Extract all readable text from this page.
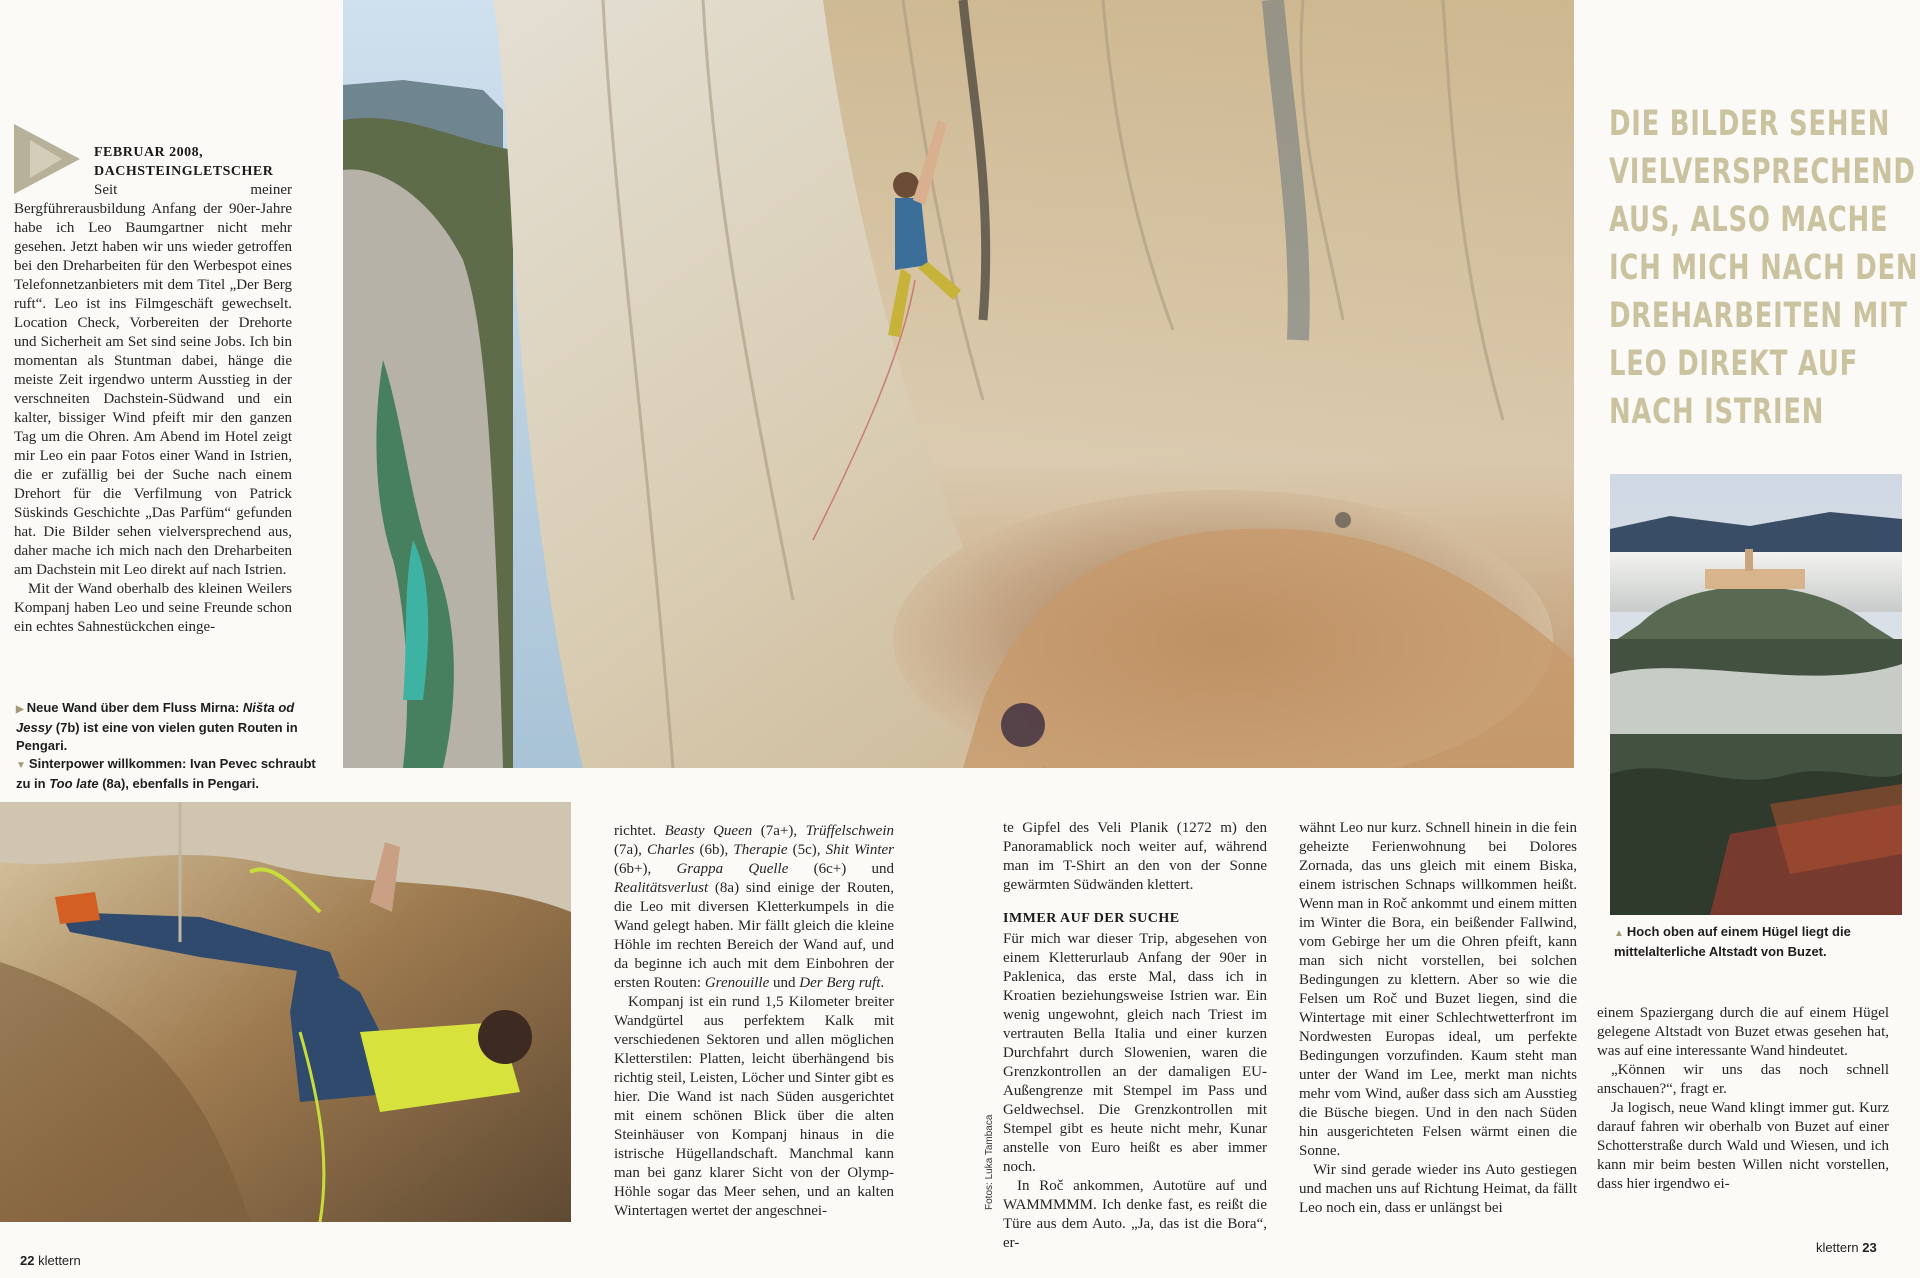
FEBRUAR 2008,
DACHSTEINGLETSCHER

Seit meiner Bergführerausbildung Anfang der 90er-Jahre habe ich Leo Baumgartner nicht mehr gesehen. Jetzt haben wir uns wieder getroffen bei den Dreharbeiten für den Werbespot eines Telefonnetzanbieters mit dem Titel „Der Berg ruft“. Leo ist ins Filmgeschäft gewechselt. Location Check, Vorbereiten der Drehorte und Sicherheit am Set sind seine Jobs. Ich bin momentan als Stuntman dabei, hänge die meiste Zeit irgendwo unterm Ausstieg in der verschneiten Dachstein-Südwand und ein kalter, bissiger Wind pfeift mir den ganzen Tag um die Ohren. Am Abend im Hotel zeigt mir Leo ein paar Fotos einer Wand in Istrien, die er zufällig bei der Suche nach einem Drehort für die Verfilmung von Patrick Süskinds Geschichte „Das Parfüm“ gefunden hat. Die Bilder sehen vielversprechend aus, daher mache ich mich nach den Dreharbeiten am Dachstein mit Leo direkt auf nach Istrien.

Mit der Wand oberhalb des kleinen Weilers Kompanj haben Leo und seine Freunde schon ein echtes Sahnestückchen einge-

▶ Neue Wand über dem Fluss Mirna: Ništa od Jessy (7b) ist eine von vielen guten Routen in Pengari.
▼ Sinterpower willkommen: Ivan Pevec schraubt zu in Too late (8a), ebenfalls in Pengari.

richtet. Beasty Queen (7a+), Trüffelschwein (7a), Charles (6b), Therapie (5c), Shit Winter (6b+), Grappa Quelle (6c+) und Realitätsverlust (8a) sind einige der Routen, die Leo mit diversen Kletterkumpels in die Wand gelegt haben. Mir fällt gleich die kleine Höhle im rechten Bereich der Wand auf, und da beginne ich auch mit dem Einbohren der ersten Routen: Grenouille und Der Berg ruft.

Kompanj ist ein rund 1,5 Kilometer breiter Wandgürtel aus perfektem Kalk mit verschiedenen Sektoren und allen möglichen Kletterstilen: Platten, leicht überhängend bis richtig steil, Leisten, Löcher und Sinter gibt es hier. Die Wand ist nach Süden ausgerichtet mit einem schönen Blick über die alten Steinhäuser von Kompanj hinaus in die istrische Hügellandschaft. Manchmal kann man bei ganz klarer Sicht von der Olymp-Höhle sogar das Meer sehen, und an kalten Wintertagen wertet der angeschnei-

22 klettern
Fotos: Luka Tambaca

te Gipfel des Veli Planik (1272 m) den Panoramablick noch weiter auf, während man im T-Shirt an den von der Sonne gewärmten Südwänden klettert.

IMMER AUF DER SUCHE

Für mich war dieser Trip, abgesehen von einem Kletterurlaub Anfang der 90er in Paklenica, das erste Mal, dass ich in Kroatien beziehungsweise Istrien war. Ein wenig ungewohnt, gleich nach Triest im vertrauten Bella Italia und einer kurzen Durchfahrt durch Slowenien, waren die Grenzkontrollen an der damaligen EU-Außengrenze mit Stempel im Pass und Geldwechsel. Die Grenzkontrollen mit Stempel gibt es heute nicht mehr, Kunar anstelle von Euro heißt es aber immer noch.

In Roč ankommen, Autotüre auf und WAMMMMM. Ich denke fast, es reißt die Türe aus dem Auto. „Ja, das ist die Bora“, er-

wähnt Leo nur kurz. Schnell hinein in die fein geheizte Ferienwohnung bei Dolores Zornada, das uns gleich mit einem Biska, einem istrischen Schnaps willkommen heißt. Wenn man in Roč ankommt und einem mitten im Winter die Bora, ein beißender Fallwind, vom Gebirge her um die Ohren pfeift, kann man sich nicht vorstellen, bei solchen Bedingungen zu klettern. Aber so wie die Felsen um Roč und Buzet liegen, sind die Wintertage mit einer Schlechtwetterfront im Nordwesten Europas ideal, um perfekte Bedingungen vorzufinden. Kaum steht man unter der Wand im Lee, merkt man nichts mehr vom Wind, außer dass sich am Ausstieg die Büsche biegen. Und in den nach Süden hin ausgerichteten Felsen wärmt einen die Sonne.

Wir sind gerade wieder ins Auto gestiegen und machen uns auf Richtung Heimat, da fällt Leo noch ein, dass er unlängst bei

einem Spaziergang durch die auf einem Hügel gelegene Altstadt von Buzet etwas gesehen hat, was auf eine interessante Wand hindeutet.

„Können wir uns das noch schnell anschauen?“, fragt er.

Ja logisch, neue Wand klingt immer gut. Kurz darauf fahren wir oberhalb von Buzet auf einer Schotterstraße durch Wald und Wiesen, und ich kann mir beim besten Willen nicht vorstellen, dass hier irgendwo ei-

DIE BILDER SEHEN
VIELVERSPRECHEND
AUS, ALSO MACHE
ICH MICH NACH DEN
DREHARBEITEN MIT
LEO DIREKT AUF
NACH ISTRIEN
▲ Hoch oben auf einem Hügel liegt die mittelalterliche Altstadt von Buzet.
klettern 23
